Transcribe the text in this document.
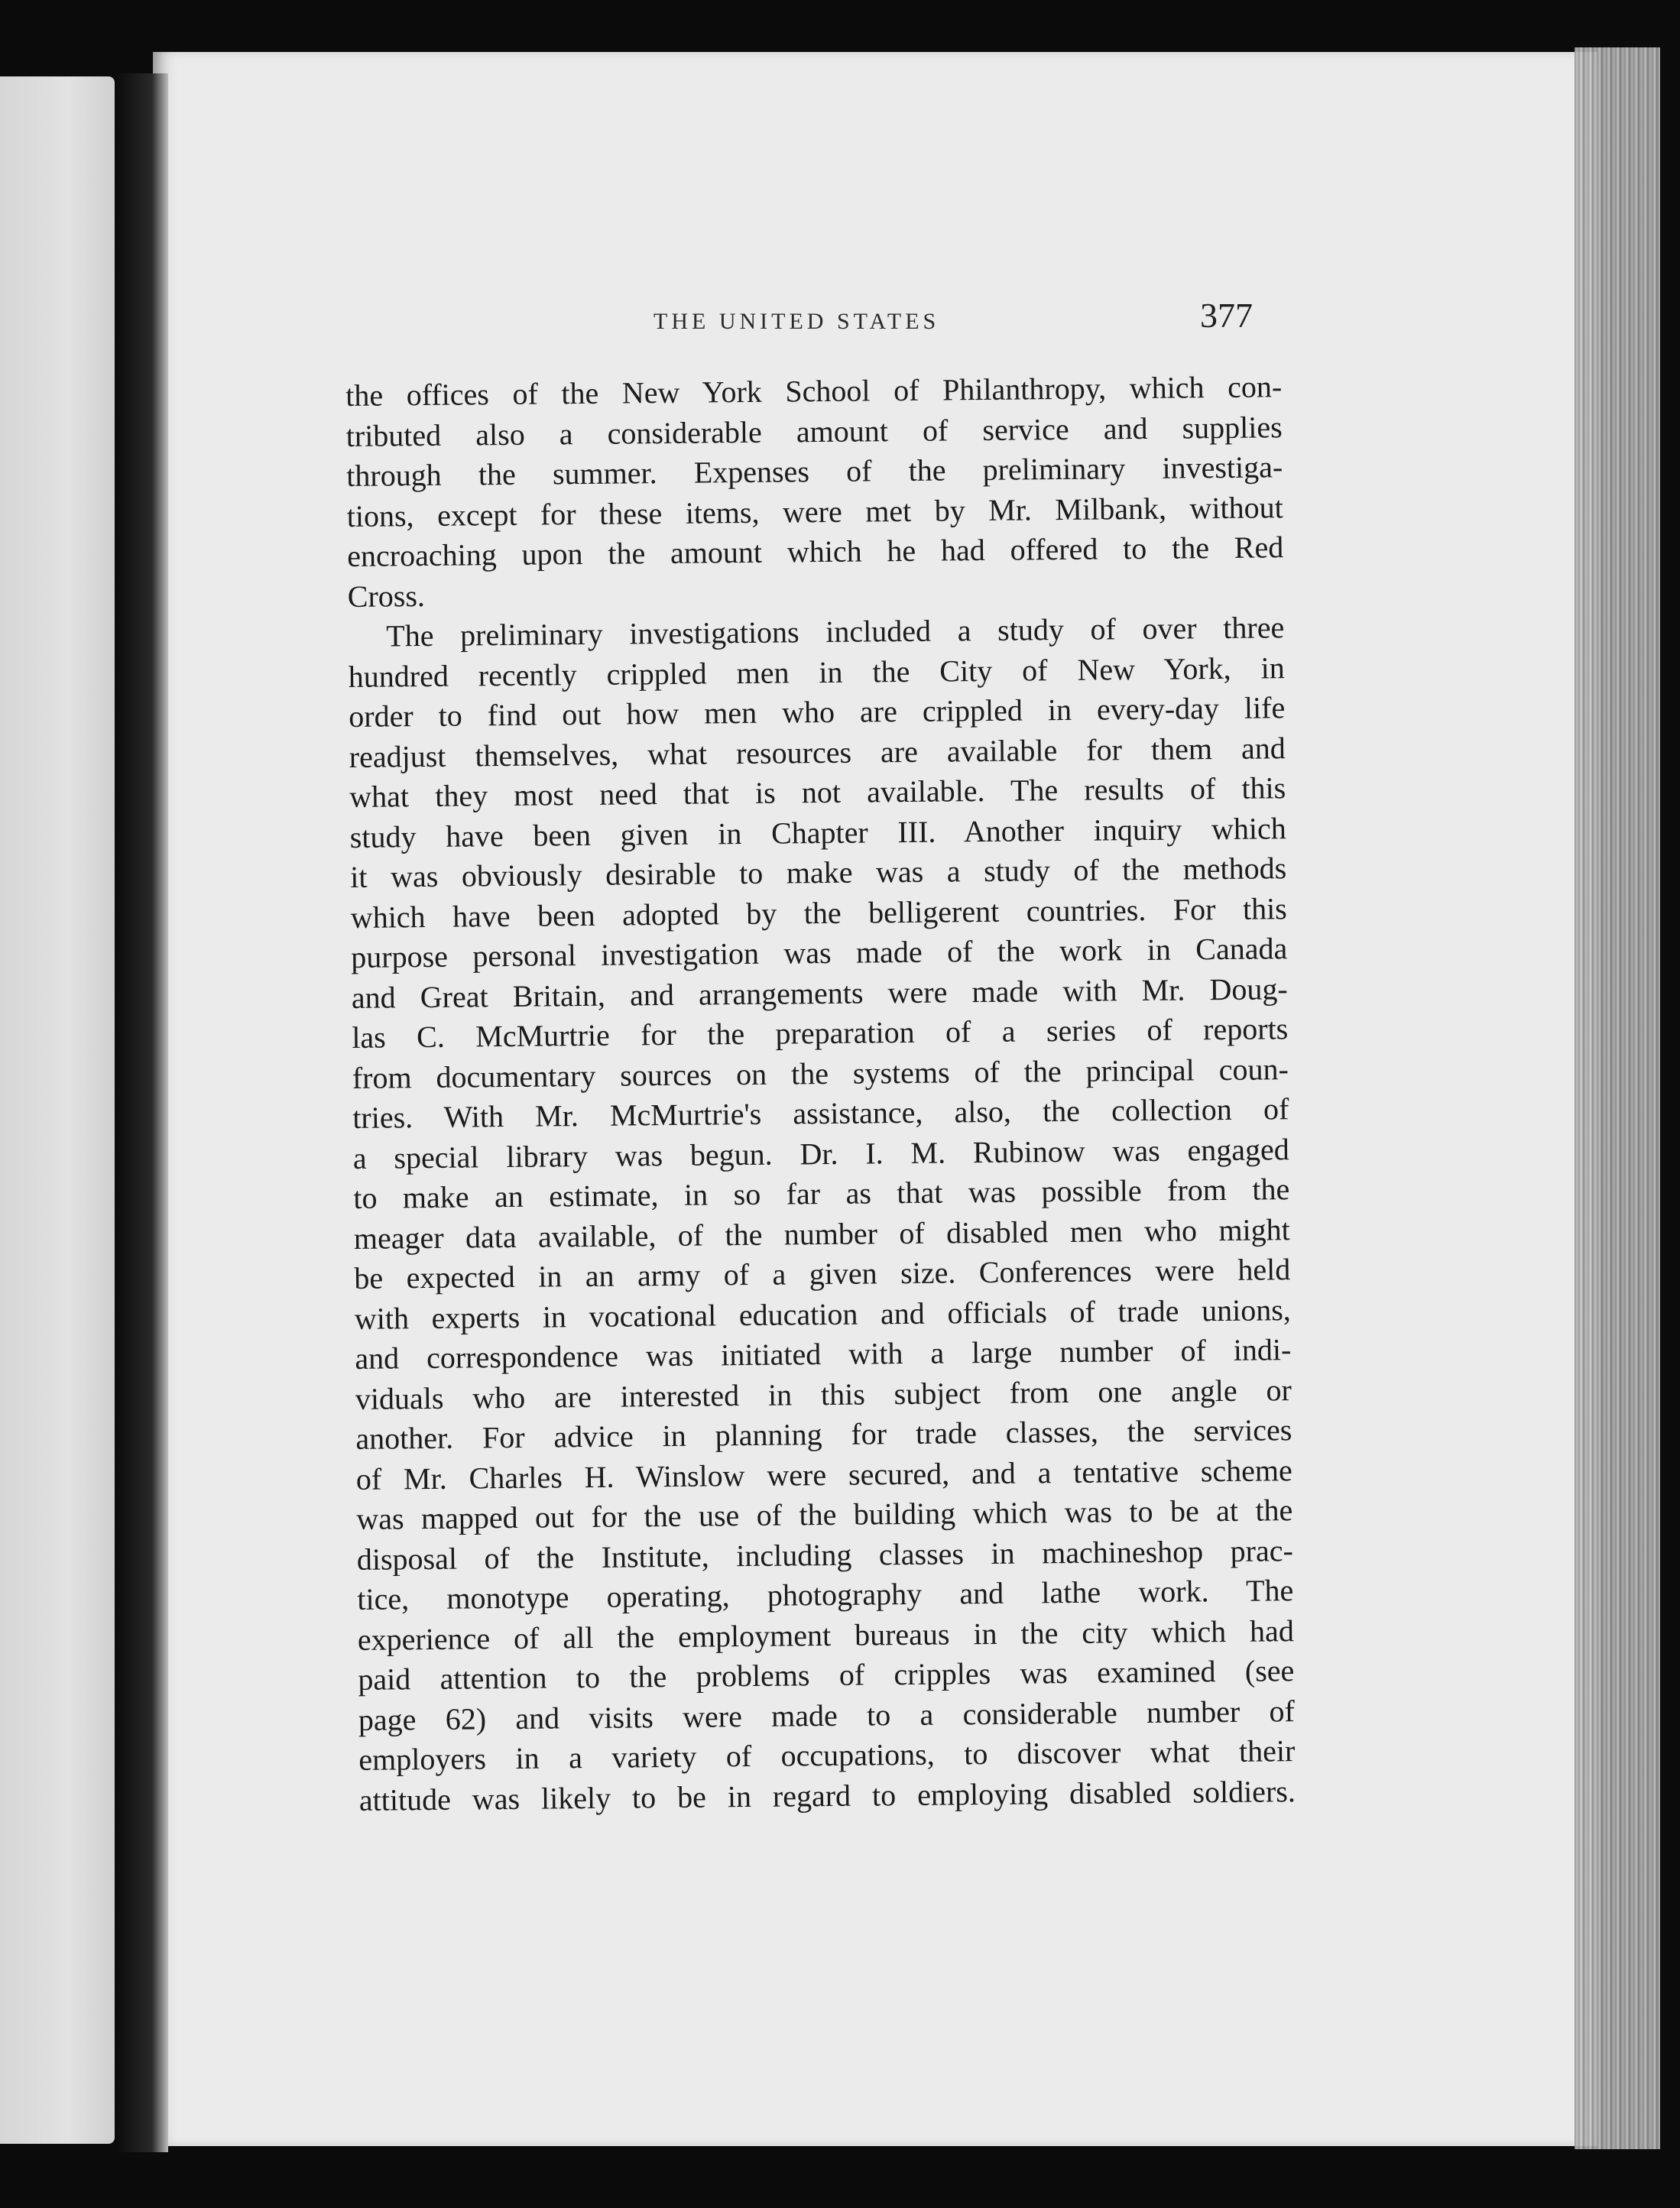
THE UNITED STATES	377
the offices of the New York School of Philanthropy, which con-
tributed also a considerable amount of service and supplies
through the summer. Expenses of the preliminary investiga-
tions, except for these items, were met by Mr. Milbank, without
encroaching upon the amount which he had offered to the Red
Cross.
The preliminary investigations included a study of over three
hundred recently crippled men in the City of New York, in
order to find out how men who are crippled in every-day life
readjust themselves, what resources are available for them and
what they most need that is not available. The results of this
study have been given in Chapter III. Another inquiry which
it was obviously desirable to make was a study of the methods
which have been adopted by the belligerent countries. For this
purpose personal investigation was made of the work in Canada
and Great Britain, and arrangements were made with Mr. Doug-
las C. McMurtrie for the preparation of a series of reports
from documentary sources on the systems of the principal coun-
tries. With Mr. McMurtrie's assistance, also, the collection of
a special library was begun. Dr. I. M. Rubinow was engaged
to make an estimate, in so far as that was possible from the
meager data available, of the number of disabled men who might
be expected in an army of a given size. Conferences were held
with experts in vocational education and officials of trade unions,
and correspondence was initiated with a large number of indi-
viduals who are interested in this subject from one angle or
another. For advice in planning for trade classes, the services
of Mr. Charles H. Winslow were secured, and a tentative scheme
was mapped out for the use of the building which was to be at the
disposal of the Institute, including classes in machineshop prac-
tice, monotype operating, photography and lathe work. The
experience of all the employment bureaus in the city which had
paid attention to the problems of cripples was examined (see
page 62) and visits were made to a considerable number of
employers in a variety of occupations, to discover what their
attitude was likely to be in regard to employing disabled soldiers.
